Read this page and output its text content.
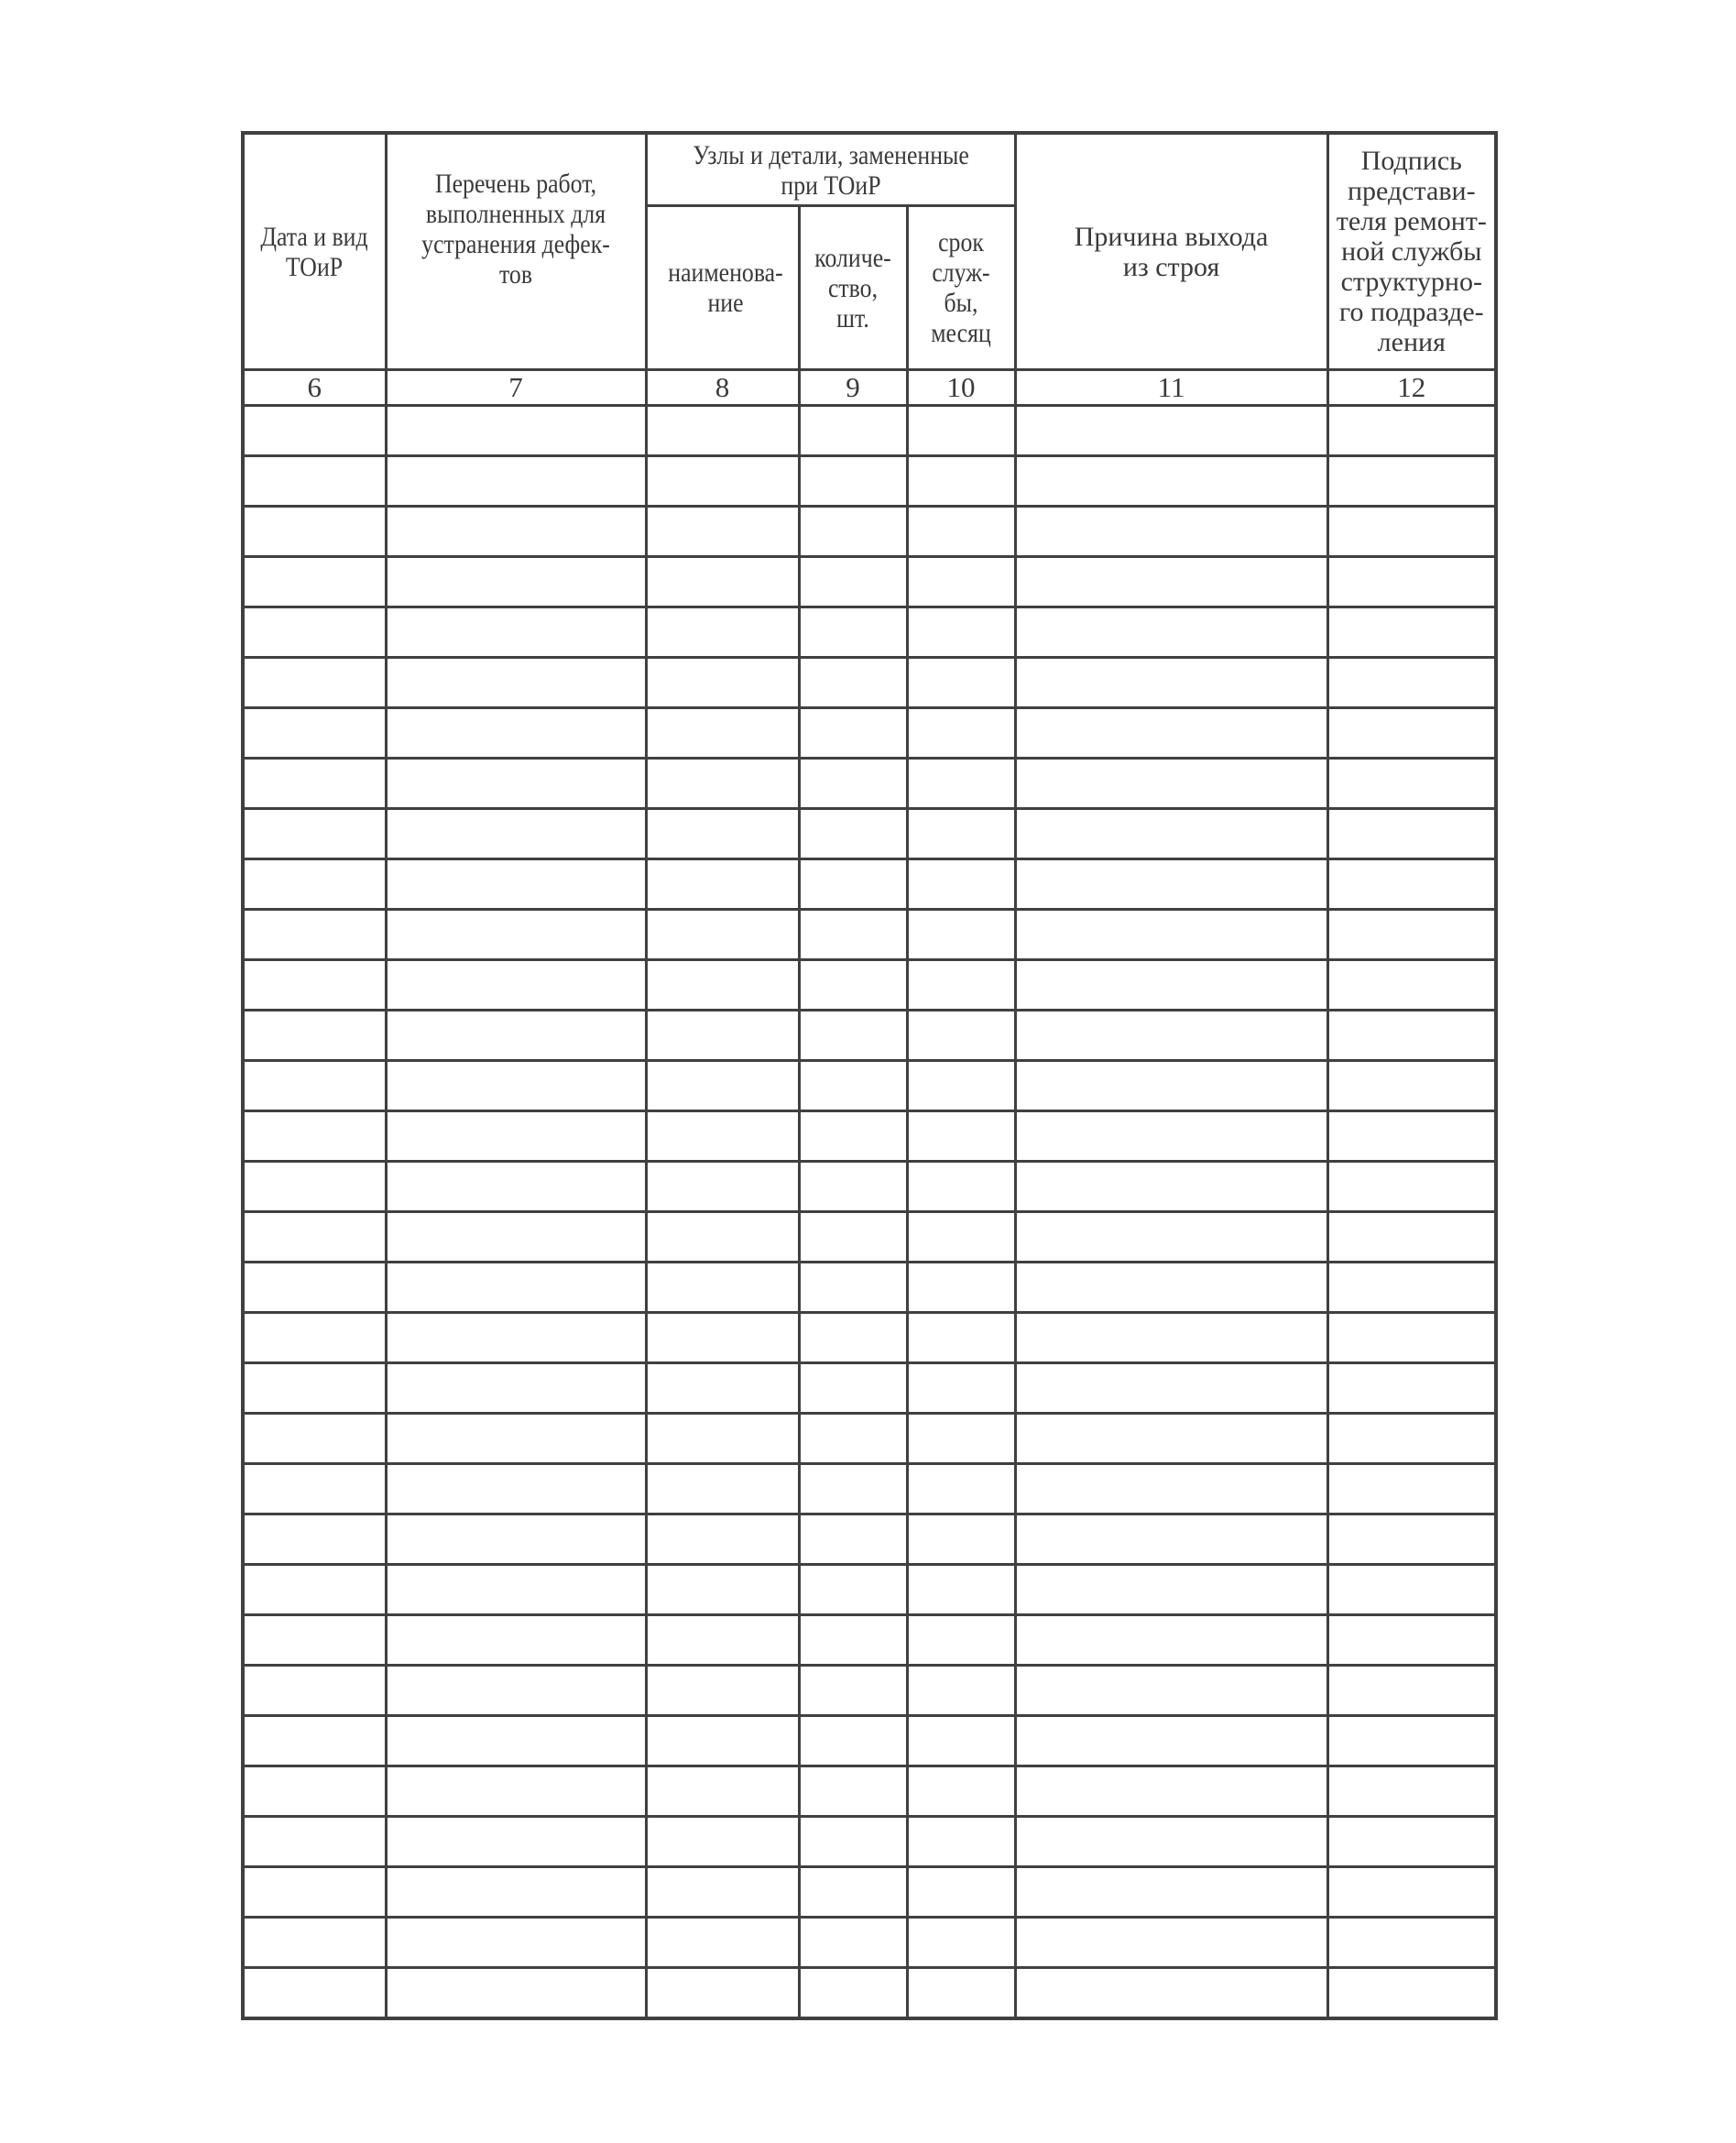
Дата и вид ТОиР	Перечень работ, выполненных для устранения дефек-тов	Узлы и детали, замененные при ТОиР			Причина выхода из строя	Подпись представи-теля ремонт-ной службы структурно-го подразде-ления
		наименова-ние	количе-ство, шт.	срок служ-бы, месяц		
6	7	8	9	10	11	12
